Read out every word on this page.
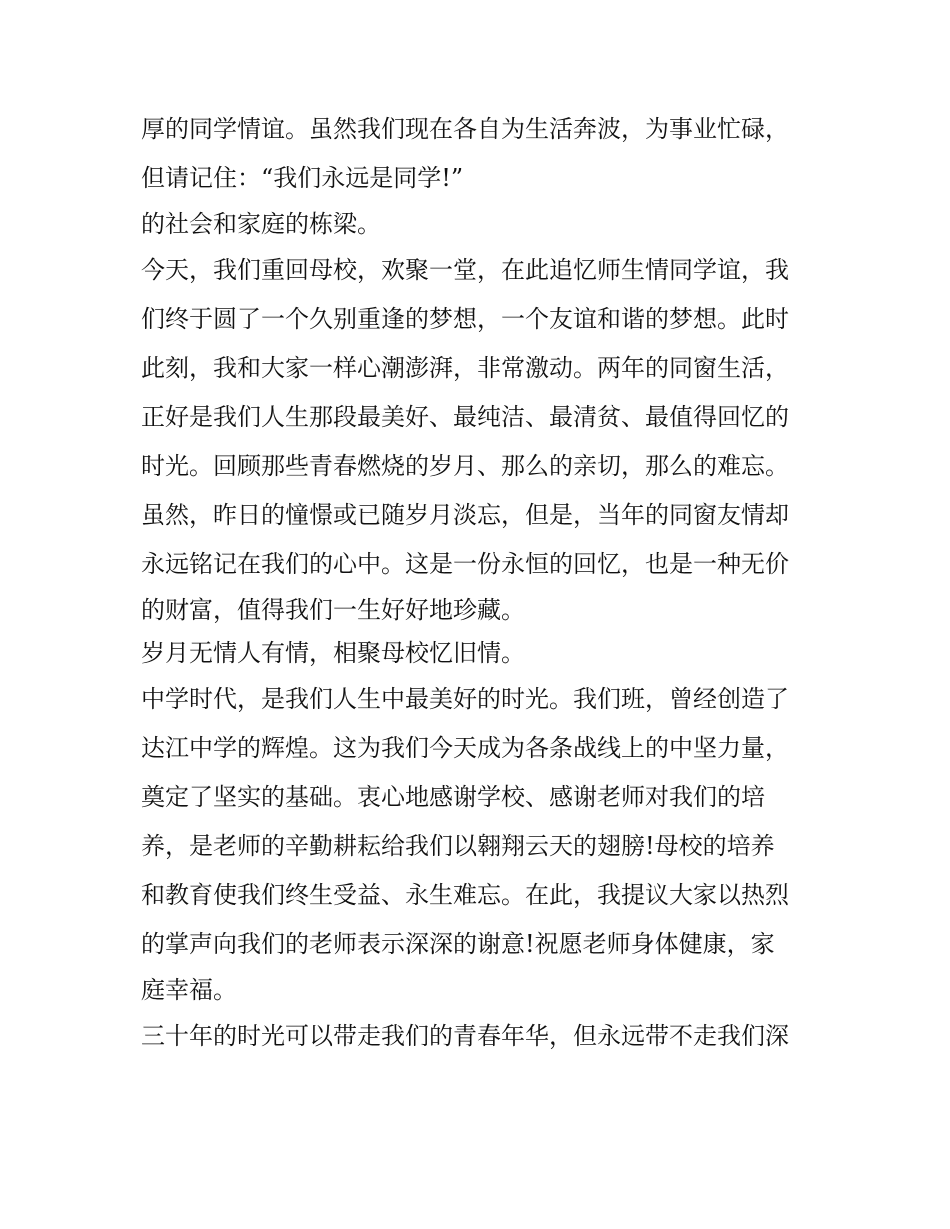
厚的同学情谊。虽然我们现在各自为生活奔波，为事业忙碌，
但请记住：“我们永远是同学!”
的社会和家庭的栋梁。
今天，我们重回母校，欢聚一堂，在此追忆师生情同学谊，我
们终于圆了一个久别重逢的梦想，一个友谊和谐的梦想。此时
此刻，我和大家一样心潮澎湃，非常激动。两年的同窗生活，
正好是我们人生那段最美好、最纯洁、最清贫、最值得回忆的
时光。回顾那些青春燃烧的岁月、那么的亲切，那么的难忘。
虽然，昨日的憧憬或已随岁月淡忘，但是，当年的同窗友情却
永远铭记在我们的心中。这是一份永恒的回忆，也是一种无价
的财富，值得我们一生好好地珍藏。
岁月无情人有情，相聚母校忆旧情。
中学时代，是我们人生中最美好的时光。我们班，曾经创造了
达江中学的辉煌。这为我们今天成为各条战线上的中坚力量，
奠定了坚实的基础。衷心地感谢学校、感谢老师对我们的培
养，是老师的辛勤耕耘给我们以翱翔云天的翅膀!母校的培养
和教育使我们终生受益、永生难忘。在此，我提议大家以热烈
的掌声向我们的老师表示深深的谢意!祝愿老师身体健康，家
庭幸福。
三十年的时光可以带走我们的青春年华，但永远带不走我们深
